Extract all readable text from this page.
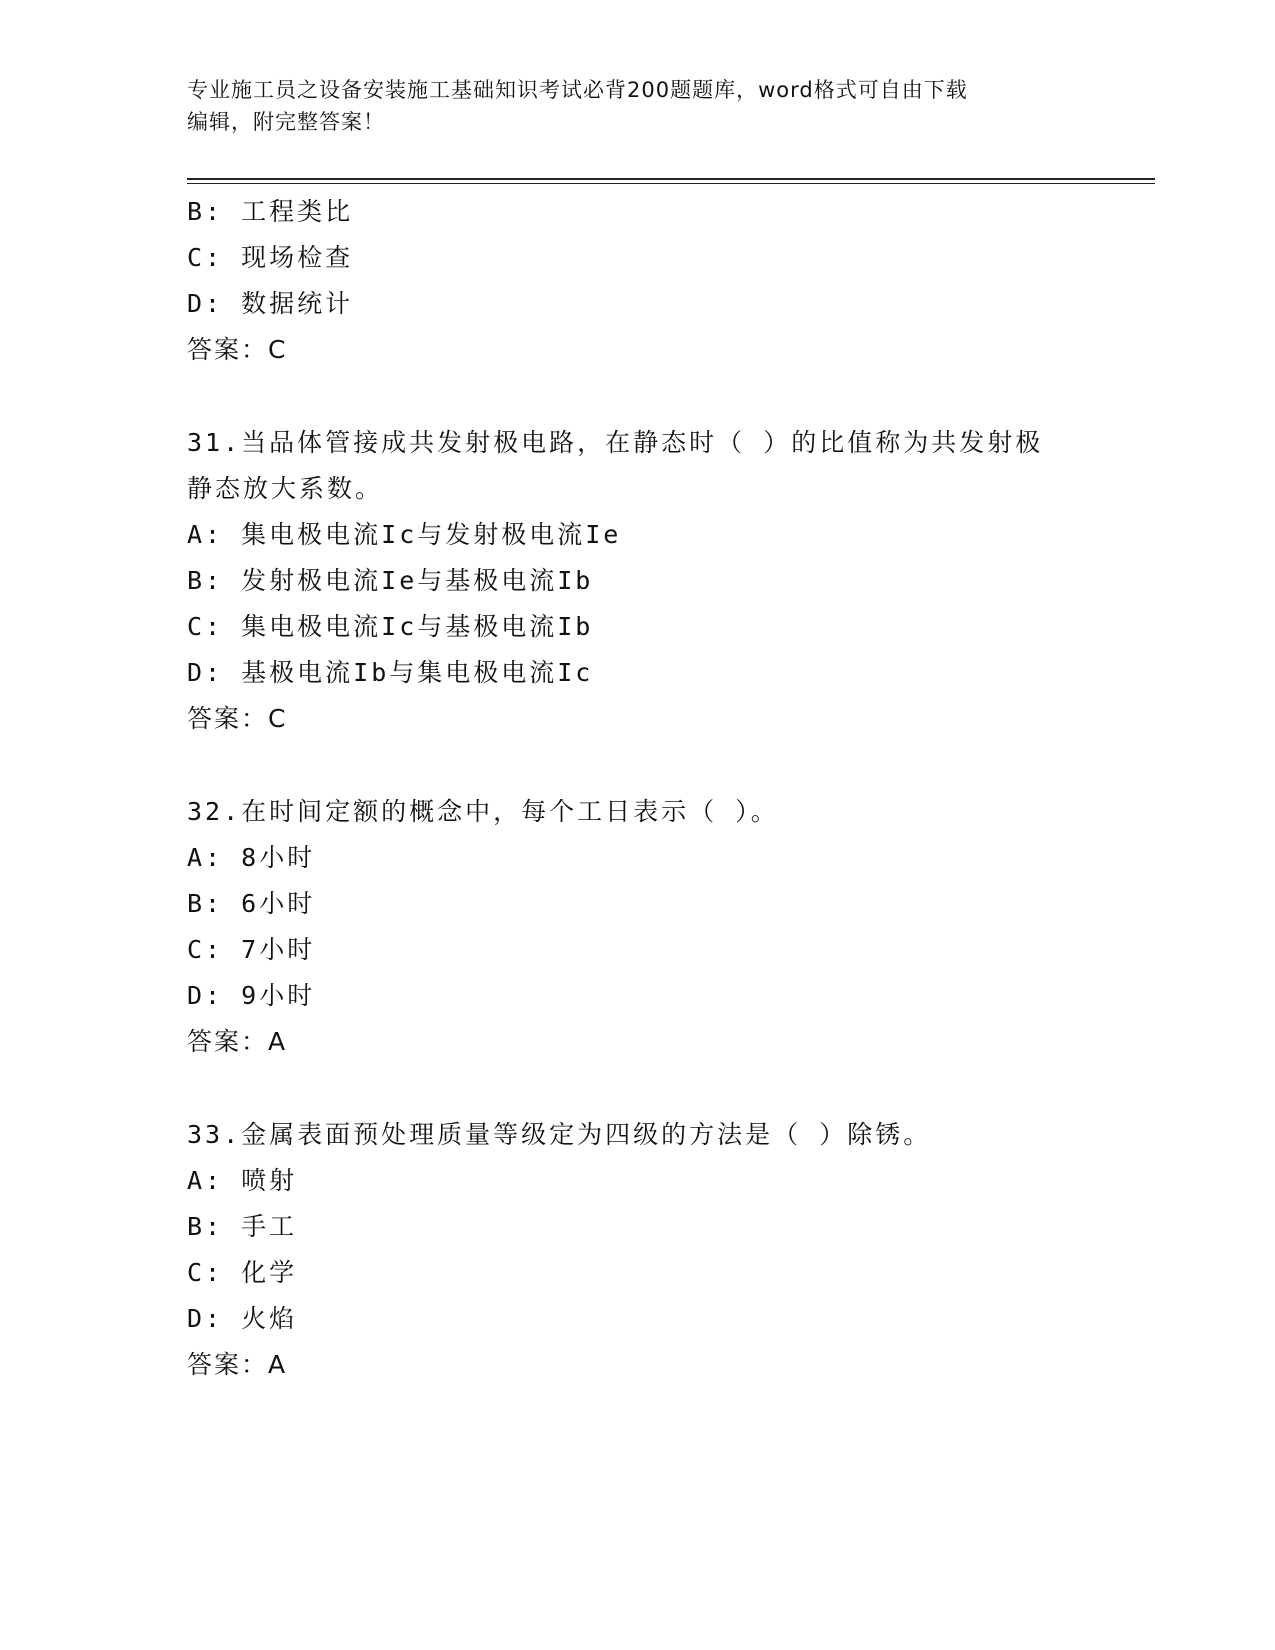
专业施工员之设备安装施工基础知识考试必背200题题库，word格式可自由下载
编辑，附完整答案！
B: 工程类比
C: 现场检查
D: 数据统计
答案：C
31.当品体管接成共发射极电路，在静态时（ ）的比值称为共发射极
静态放大系数。
A: 集电极电流Ic与发射极电流Ie
B: 发射极电流Ie与基极电流Ib
C: 集电极电流Ic与基极电流Ib
D: 基极电流Ib与集电极电流Ic
答案：C
32.在时间定额的概念中，每个工日表示（ ）。
A: 8小时
B: 6小时
C: 7小时
D: 9小时
答案：A
33.金属表面预处理质量等级定为四级的方法是（ ）除锈。
A: 喷射
B: 手工
C: 化学
D: 火焰
答案：A
